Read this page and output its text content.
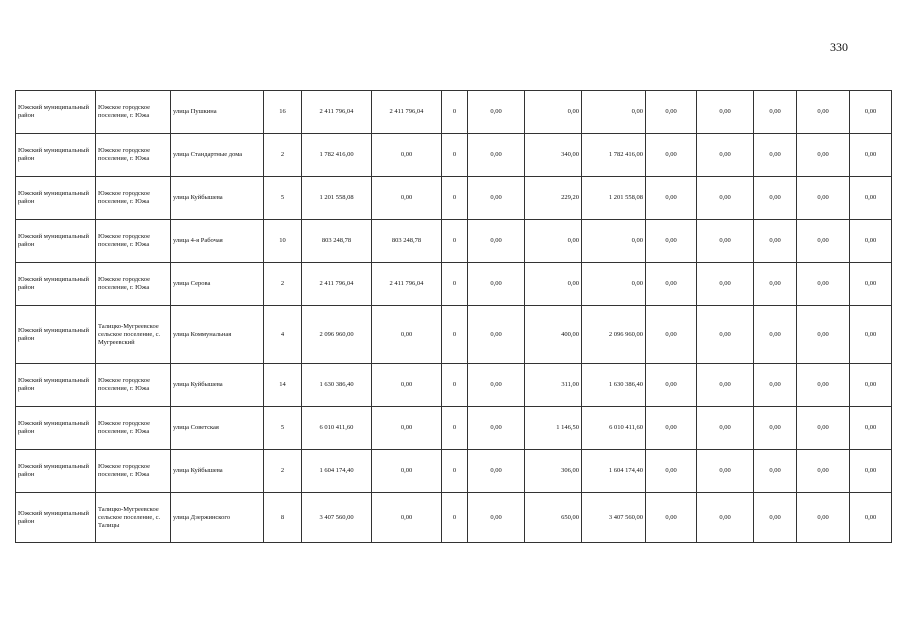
330
Южский муниципальный район	Южское городское поселение, г. Южа	улица Пушкина	16	2 411 796,04	2 411 796,04	0	0,00	0,00	0,00	0,00	0,00	0,00	0,00	0,00
Южский муниципальный район	Южское городское поселение, г. Южа	улица Стандартные дома	2	1 782 416,00	0,00	0	0,00	340,00	1 782 416,00	0,00	0,00	0,00	0,00	0,00
Южский муниципальный район	Южское городское поселение, г. Южа	улица Куйбышева	5	1 201 558,08	0,00	0	0,00	229,20	1 201 558,08	0,00	0,00	0,00	0,00	0,00
Южский муниципальный район	Южское городское поселение, г. Южа	улица 4-я Рабочая	10	803 248,78	803 248,78	0	0,00	0,00	0,00	0,00	0,00	0,00	0,00	0,00
Южский муниципальный район	Южское городское поселение, г. Южа	улица Серова	2	2 411 796,04	2 411 796,04	0	0,00	0,00	0,00	0,00	0,00	0,00	0,00	0,00
Южский муниципальный район	Талицко-Мугреевское сельское поселение, с. Мугреевский	улица Коммунальная	4	2 096 960,00	0,00	0	0,00	400,00	2 096 960,00	0,00	0,00	0,00	0,00	0,00
Южский муниципальный район	Южское городское поселение, г. Южа	улица Куйбышева	14	1 630 386,40	0,00	0	0,00	311,00	1 630 386,40	0,00	0,00	0,00	0,00	0,00
Южский муниципальный район	Южское городское поселение, г. Южа	улица Советская	5	6 010 411,60	0,00	0	0,00	1 146,50	6 010 411,60	0,00	0,00	0,00	0,00	0,00
Южский муниципальный район	Южское городское поселение, г. Южа	улица Куйбышева	2	1 604 174,40	0,00	0	0,00	306,00	1 604 174,40	0,00	0,00	0,00	0,00	0,00
Южский муниципальный район	Талицко-Мугреевское сельское поселение, с. Талицы	улица Дзержинского	8	3 407 560,00	0,00	0	0,00	650,00	3 407 560,00	0,00	0,00	0,00	0,00	0,00
